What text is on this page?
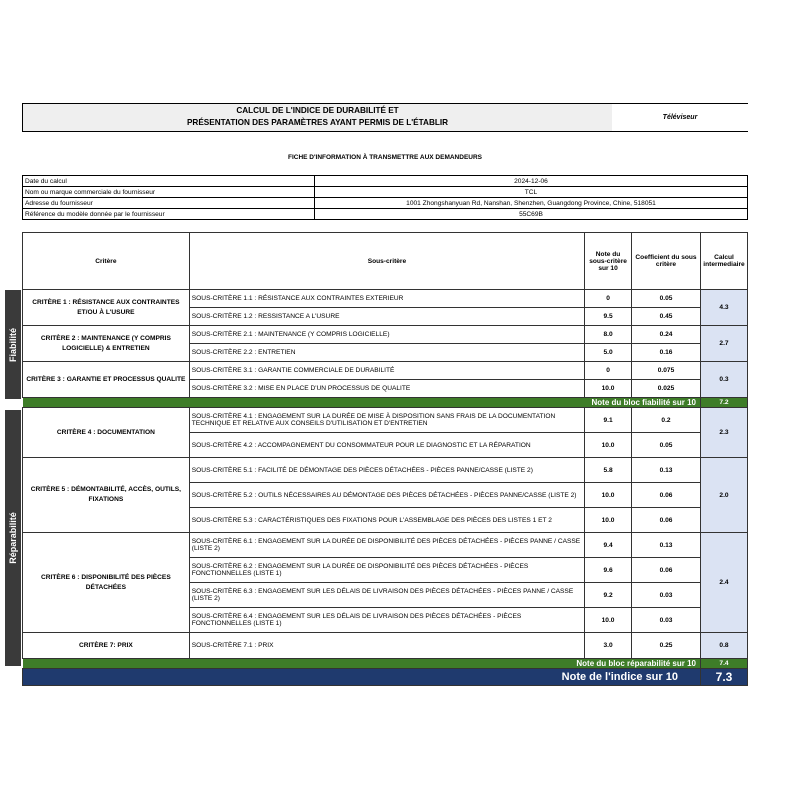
CALCUL DE L'INDICE DE DURABILITÉ ET
PRÉSENTATION DES PARAMÈTRES AYANT PERMIS DE L'ÉTABLIR
Téléviseur
FICHE D'INFORMATION À TRANSMETTRE AUX DEMANDEURS
Date du calcul	2024-12-06
Nom ou marque commerciale du fournisseur	TCL
Adresse du fournisseur	1001 Zhongshanyuan Rd, Nanshan, Shenzhen, Guangdong Province, Chine, 518051
Référence du modèle donnée par le fournisseur	55C69B
Fiabilité
Réparabilité
Critère	Sous-critère	Note du sous-critère sur 10	Coefficient du sous critère	Calcul intermediaire
CRITÈRE 1 : RÉSISTANCE AUX CONTRAINTES ET/OU À L'USURE	SOUS-CRITÈRE 1.1 : RÉSISTANCE AUX CONTRAINTES EXTERIEUR	0	0.05	4.3
	SOUS-CRITÈRE 1.2 : RESSISTANCE A L'USURE	9.5	0.45	
CRITÈRE 2 : MAINTENANCE (Y COMPRIS LOGICIELLE) & ENTRETIEN	SOUS-CRITÈRE 2.1 : MAINTENANCE (Y COMPRIS LOGICIELLE)	8.0	0.24	2.7
	SOUS-CRITÈRE 2.2 : ENTRETIEN	5.0	0.16	
CRITÈRE 3 : GARANTIE ET PROCESSUS QUALITE	SOUS-CRITÈRE 3.1 : GARANTIE COMMERCIALE DE DURABILITÉ	0	0.075	0.3
	SOUS-CRITÈRE 3.2 : MISE EN PLACE D'UN PROCESSUS DE QUALITE	10.0	0.025	
Note du bloc fiabilité sur 10				7.2
CRITÈRE 4 : DOCUMENTATION	SOUS-CRITÈRE 4.1 : ENGAGEMENT SUR LA DURÉE DE MISE À DISPOSITION SANS FRAIS DE LA DOCUMENTATION TECHNIQUE ET RELATIVE AUX CONSEILS D'UTILISATION ET D'ENTRETIEN	9.1	0.2	2.3
	SOUS-CRITÈRE 4.2 : ACCOMPAGNEMENT DU CONSOMMATEUR POUR LE DIAGNOSTIC ET LA RÉPARATION	10.0	0.05	
CRITÈRE 5 : DÉMONTABILITÉ, ACCÈS, OUTILS, FIXATIONS	SOUS-CRITÈRE 5.1 : FACILITÉ DE DÉMONTAGE DES PIÈCES DÉTACHÉES - PIÈCES PANNE/CASSE (LISTE 2)	5.8	0.13	2.0
	SOUS-CRITÈRE 5.2 : OUTILS NÉCESSAIRES AU DÉMONTAGE DES PIÈCES DÉTACHÉES - PIÈCES PANNE/CASSE (LISTE 2)	10.0	0.06	
	SOUS-CRITÈRE 5.3 : CARACTÉRISTIQUES DES FIXATIONS POUR L'ASSEMBLAGE DES PIÈCES DES LISTES 1 ET 2	10.0	0.06	
CRITÈRE 6 : DISPONIBILITÉ DES PIÈCES DÉTACHÉES	SOUS-CRITÈRE 6.1 : ENGAGEMENT SUR LA DURÉE DE DISPONIBILITÉ DES PIÈCES DÉTACHÉES - PIÈCES PANNE / CASSE (LISTE 2)	9.4	0.13	2.4
	SOUS-CRITÈRE 6.2 : ENGAGEMENT SUR LA DURÉE DE DISPONIBILITÉ DES PIÈCES DÉTACHÉES - PIÈCES FONCTIONNELLES (LISTE 1)	9.6	0.06	
	SOUS-CRITÈRE 6.3 : ENGAGEMENT SUR LES DÉLAIS DE LIVRAISON DES PIÈCES DÉTACHÉES - PIÈCES PANNE / CASSE (LISTE 2)	9.2	0.03	
	SOUS-CRITÈRE 6.4 : ENGAGEMENT SUR LES DÉLAIS DE LIVRAISON DES PIÈCES DÉTACHÉES - PIÈCES FONCTIONNELLES (LISTE 1)	10.0	0.03	
CRITÈRE 7: PRIX	SOUS-CRITÈRE 7.1 : PRIX	3.0	0.25	0.8
Note du bloc réparabilité sur 10				7.4
Note de l'indice sur 10				7.3
